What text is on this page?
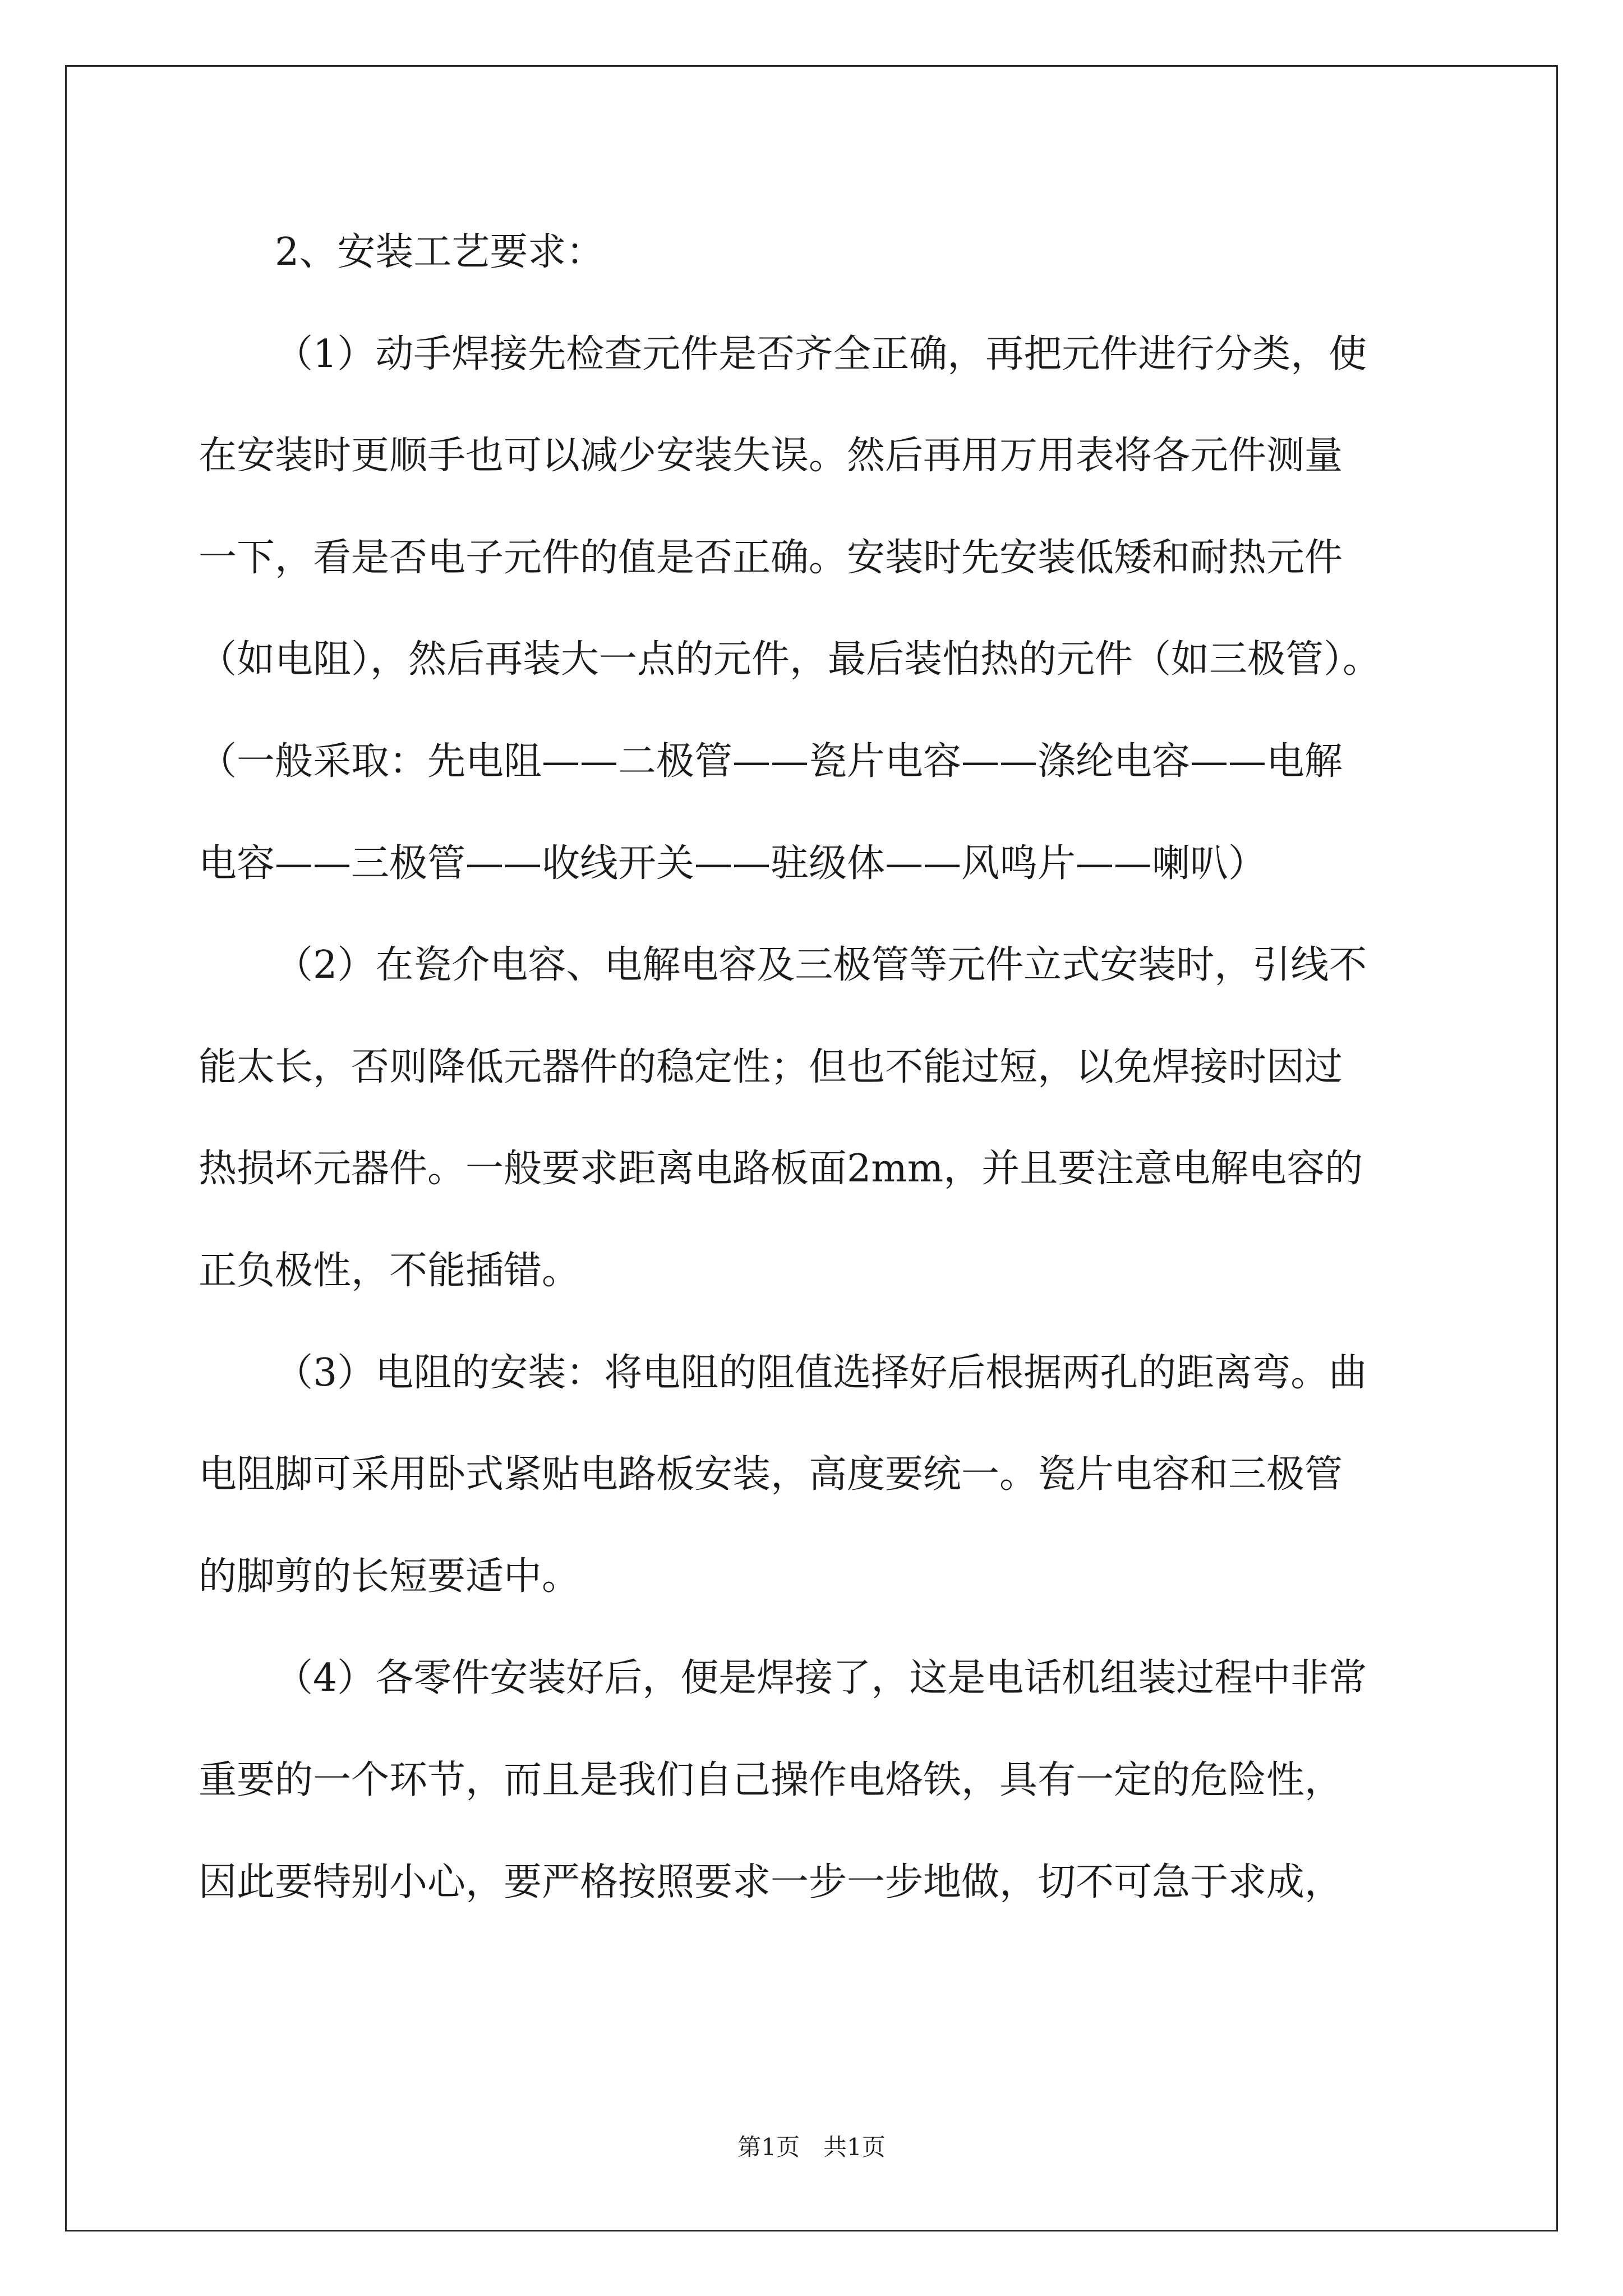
2、安装工艺要求：
（1）动手焊接先检查元件是否齐全正确，再把元件进行分类，使
在安装时更顺手也可以减少安装失误。然后再用万用表将各元件测量
一下，看是否电子元件的值是否正确。安装时先安装低矮和耐热元件
（如电阻），然后再装大一点的元件，最后装怕热的元件（如三极管）。
（一般采取：先电阻——二极管——瓷片电容——涤纶电容——电解
电容——三极管——收线开关——驻级体——风鸣片——喇叭）
（2）在瓷介电容、电解电容及三极管等元件立式安装时，引线不
能太长，否则降低元器件的稳定性；但也不能过短，以免焊接时因过
热损坏元器件。一般要求距离电路板面2mm，并且要注意电解电容的
正负极性，不能插错。
（3）电阻的安装：将电阻的阻值选择好后根据两孔的距离弯。曲
电阻脚可采用卧式紧贴电路板安装，高度要统一。瓷片电容和三极管
的脚剪的长短要适中。
（4）各零件安装好后，便是焊接了，这是电话机组装过程中非常
重要的一个环节，而且是我们自己操作电烙铁，具有一定的危险性，
因此要特别小心，要严格按照要求一步一步地做，切不可急于求成，
第1页　共1页
